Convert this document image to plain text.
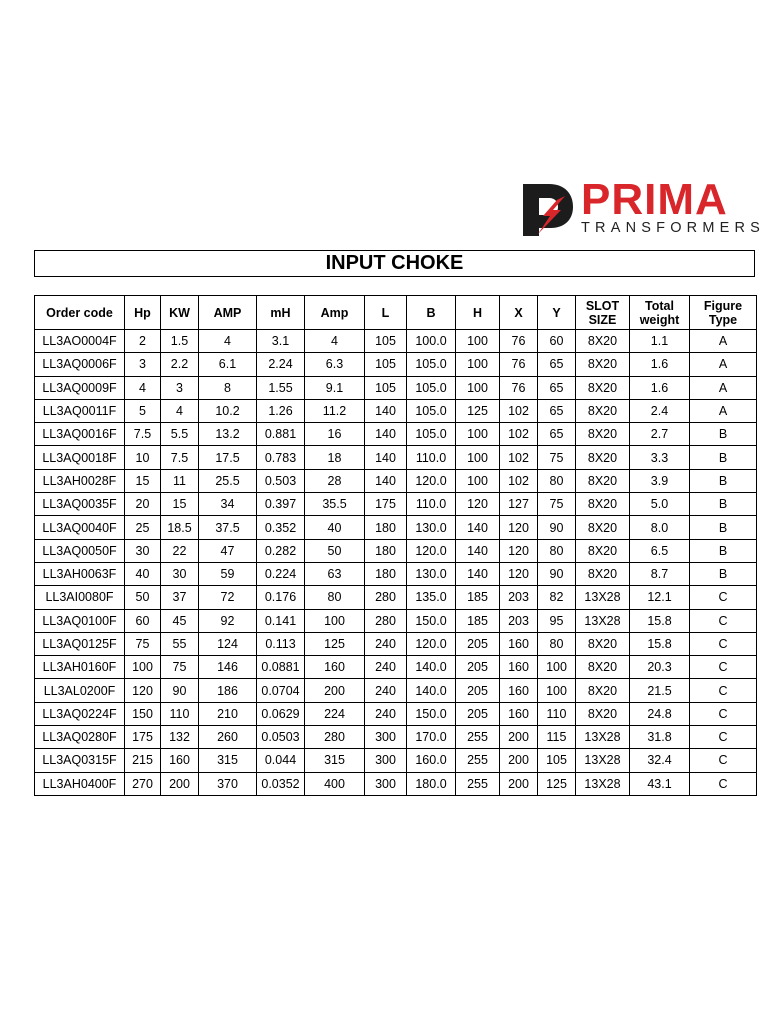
PRIMA
TRANSFORMERS
INPUT CHOKE
Order code	Hp	KW	AMP	mH	Amp	L	B	H	X	Y	SLOT SIZE	Total weight	Figure Type
LL3AO0004F	2	1.5	4	3.1	4	105	100.0	100	76	60	8X20	1.1	A
LL3AQ0006F	3	2.2	6.1	2.24	6.3	105	105.0	100	76	65	8X20	1.6	A
LL3AQ0009F	4	3	8	1.55	9.1	105	105.0	100	76	65	8X20	1.6	A
LL3AQ0011F	5	4	10.2	1.26	11.2	140	105.0	125	102	65	8X20	2.4	A
LL3AQ0016F	7.5	5.5	13.2	0.881	16	140	105.0	100	102	65	8X20	2.7	B
LL3AQ0018F	10	7.5	17.5	0.783	18	140	110.0	100	102	75	8X20	3.3	B
LL3AH0028F	15	11	25.5	0.503	28	140	120.0	100	102	80	8X20	3.9	B
LL3AQ0035F	20	15	34	0.397	35.5	175	110.0	120	127	75	8X20	5.0	B
LL3AQ0040F	25	18.5	37.5	0.352	40	180	130.0	140	120	90	8X20	8.0	B
LL3AQ0050F	30	22	47	0.282	50	180	120.0	140	120	80	8X20	6.5	B
LL3AH0063F	40	30	59	0.224	63	180	130.0	140	120	90	8X20	8.7	B
LL3AI0080F	50	37	72	0.176	80	280	135.0	185	203	82	13X28	12.1	C
LL3AQ0100F	60	45	92	0.141	100	280	150.0	185	203	95	13X28	15.8	C
LL3AQ0125F	75	55	124	0.113	125	240	120.0	205	160	80	8X20	15.8	C
LL3AH0160F	100	75	146	0.0881	160	240	140.0	205	160	100	8X20	20.3	C
LL3AL0200F	120	90	186	0.0704	200	240	140.0	205	160	100	8X20	21.5	C
LL3AQ0224F	150	110	210	0.0629	224	240	150.0	205	160	110	8X20	24.8	C
LL3AQ0280F	175	132	260	0.0503	280	300	170.0	255	200	115	13X28	31.8	C
LL3AQ0315F	215	160	315	0.044	315	300	160.0	255	200	105	13X28	32.4	C
LL3AH0400F	270	200	370	0.0352	400	300	180.0	255	200	125	13X28	43.1	C
